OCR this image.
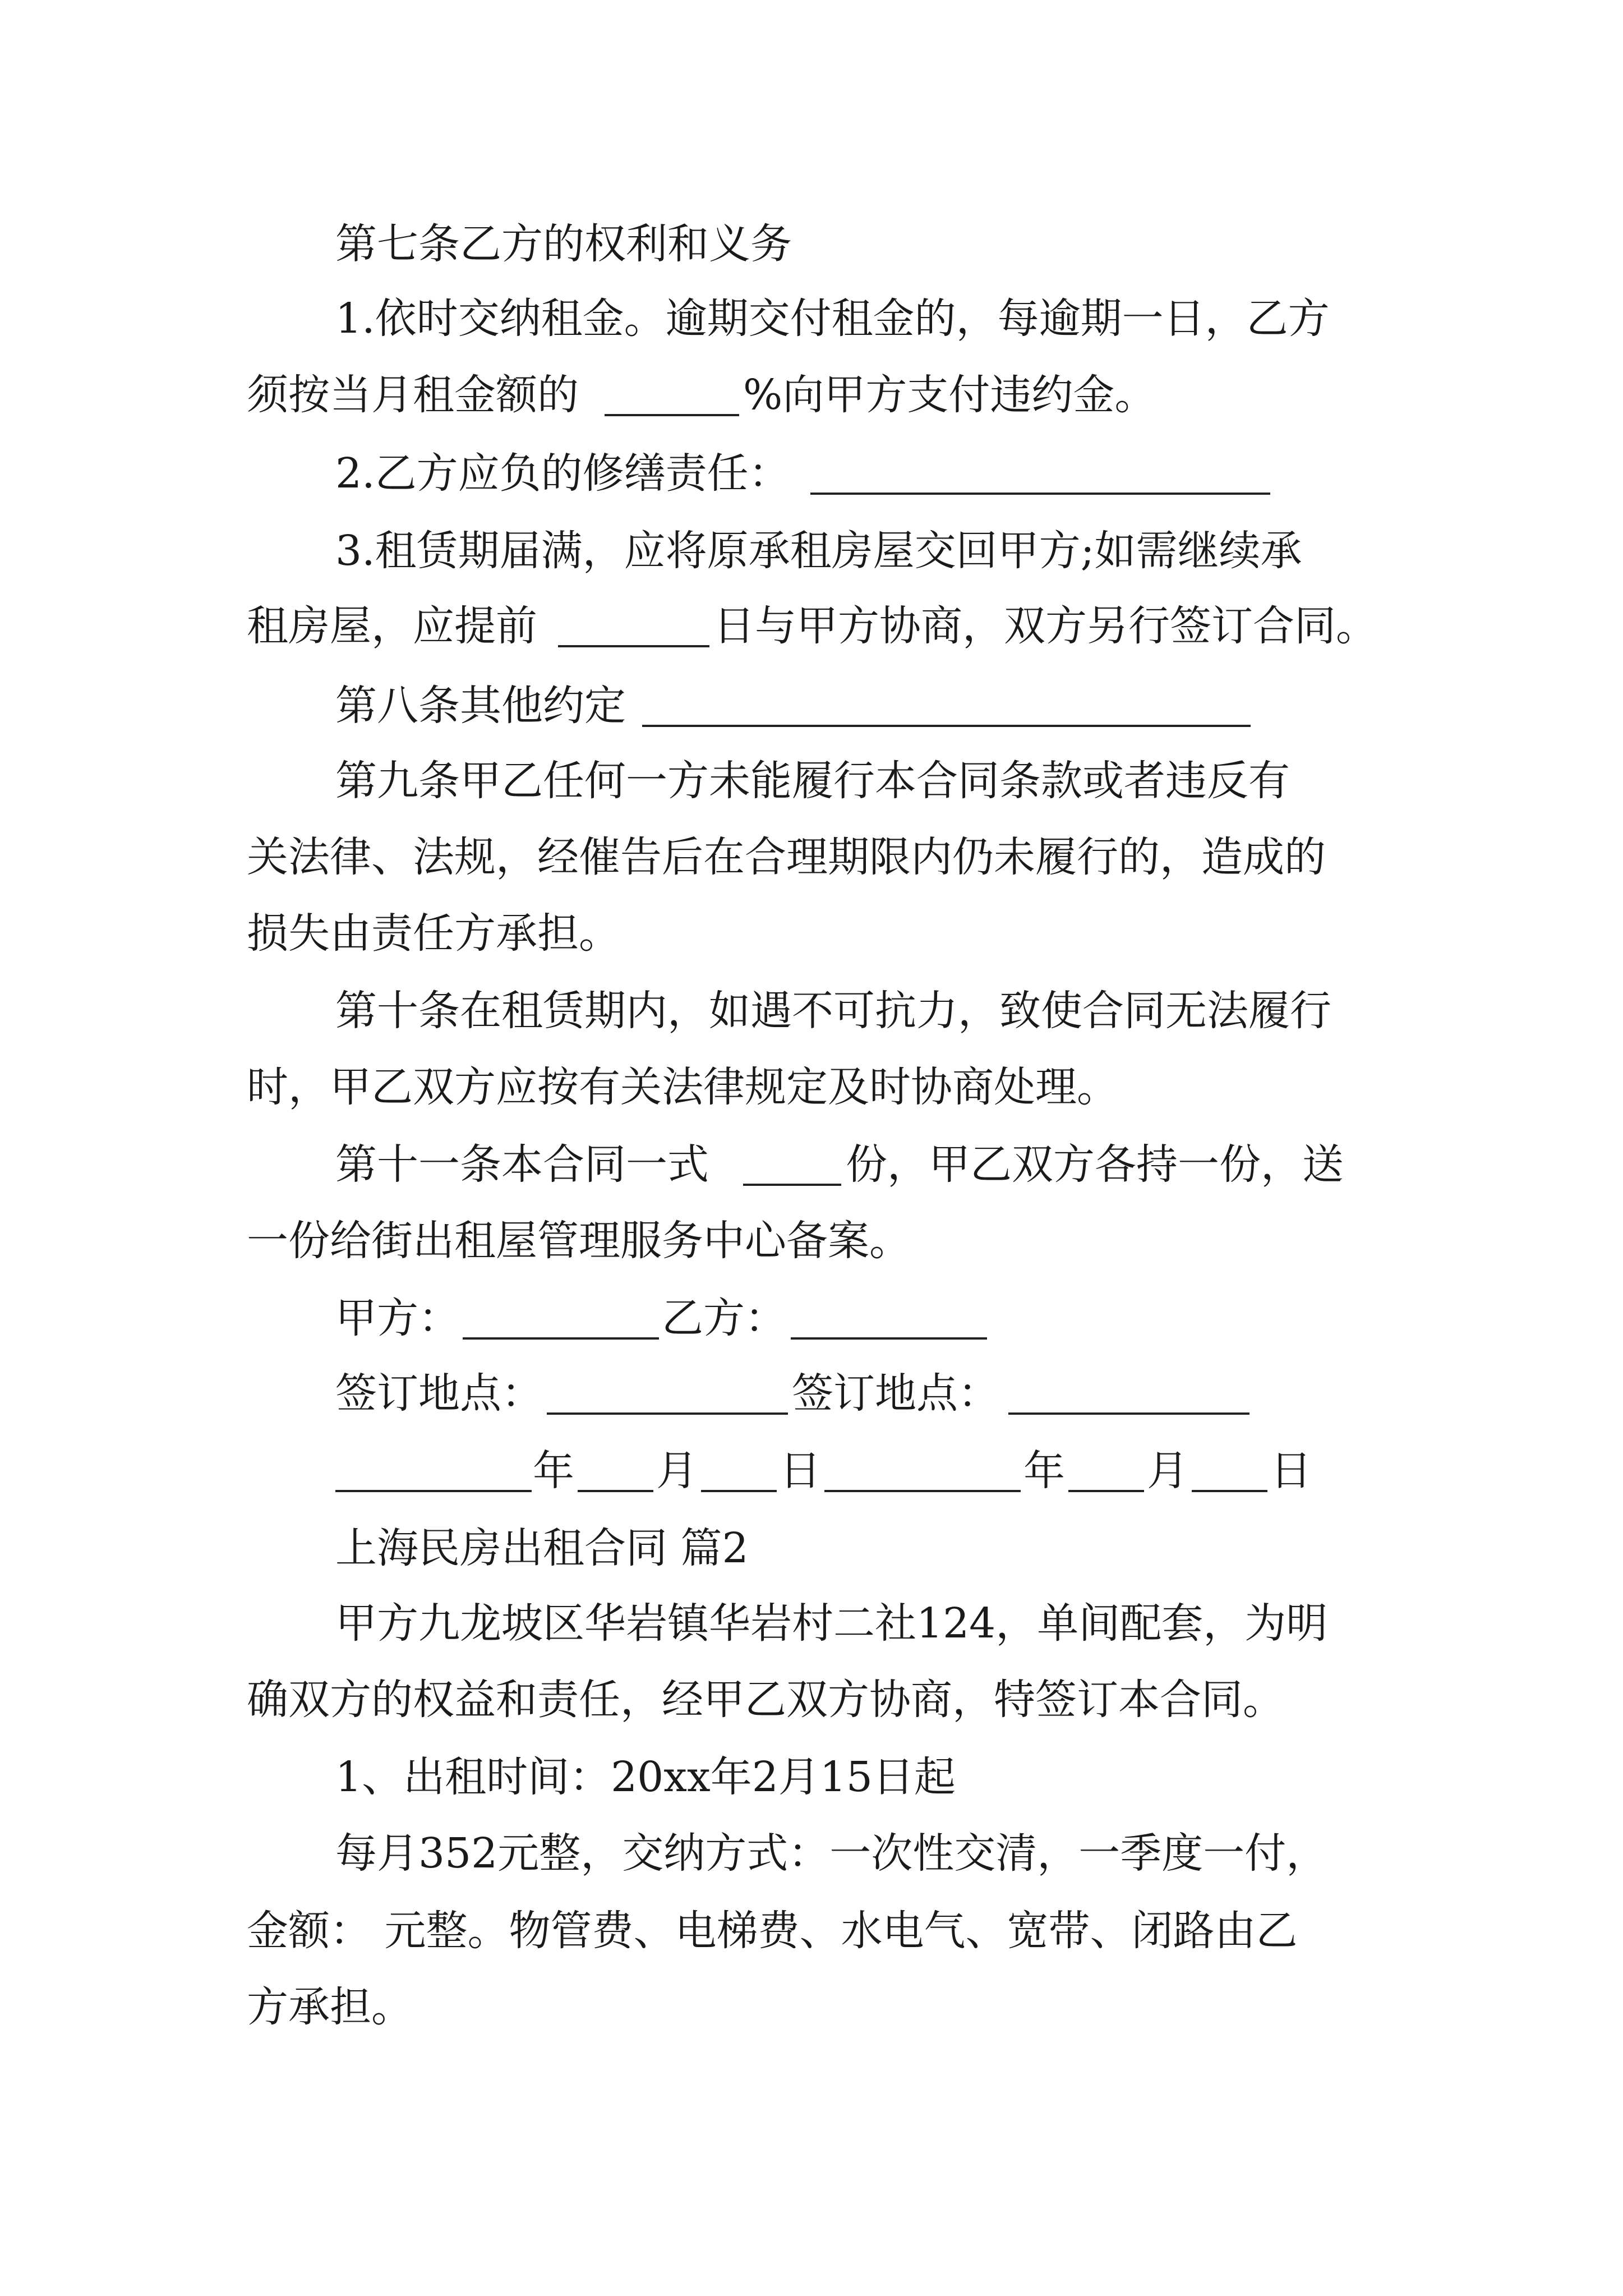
第七条乙方的权利和义务
1.依时交纳租金。逾期交付租金的，每逾期一日，乙方
须按当月租金额的	%向甲方支付违约金。
2.乙方应负的修缮责任：
3.租赁期届满，应将原承租房屋交回甲方;如需继续承
租房屋，应提前	日与甲方协商，双方另行签订合同。
第八条其他约定
第九条甲乙任何一方未能履行本合同条款或者违反有
关法律、法规，经催告后在合理期限内仍未履行的，造成的
损失由责任方承担。
第十条在租赁期内，如遇不可抗力，致使合同无法履行
时，甲乙双方应按有关法律规定及时协商处理。
第十一条本合同一式	份，甲乙双方各持一份，送
一份给街出租屋管理服务中心备案。
甲方：	乙方：
签订地点：	签订地点：
年 月 日	年 月 日
上海民房出租合同 篇2
甲方九龙坡区华岩镇华岩村二社124，单间配套，为明
确双方的权益和责任，经甲乙双方协商，特签订本合同。
1、出租时间：20xx年2月15日起
每月352元整，交纳方式：一次性交清，一季度一付，
金额： 元整。物管费、电梯费、水电气、宽带、闭路由乙
方承担。
